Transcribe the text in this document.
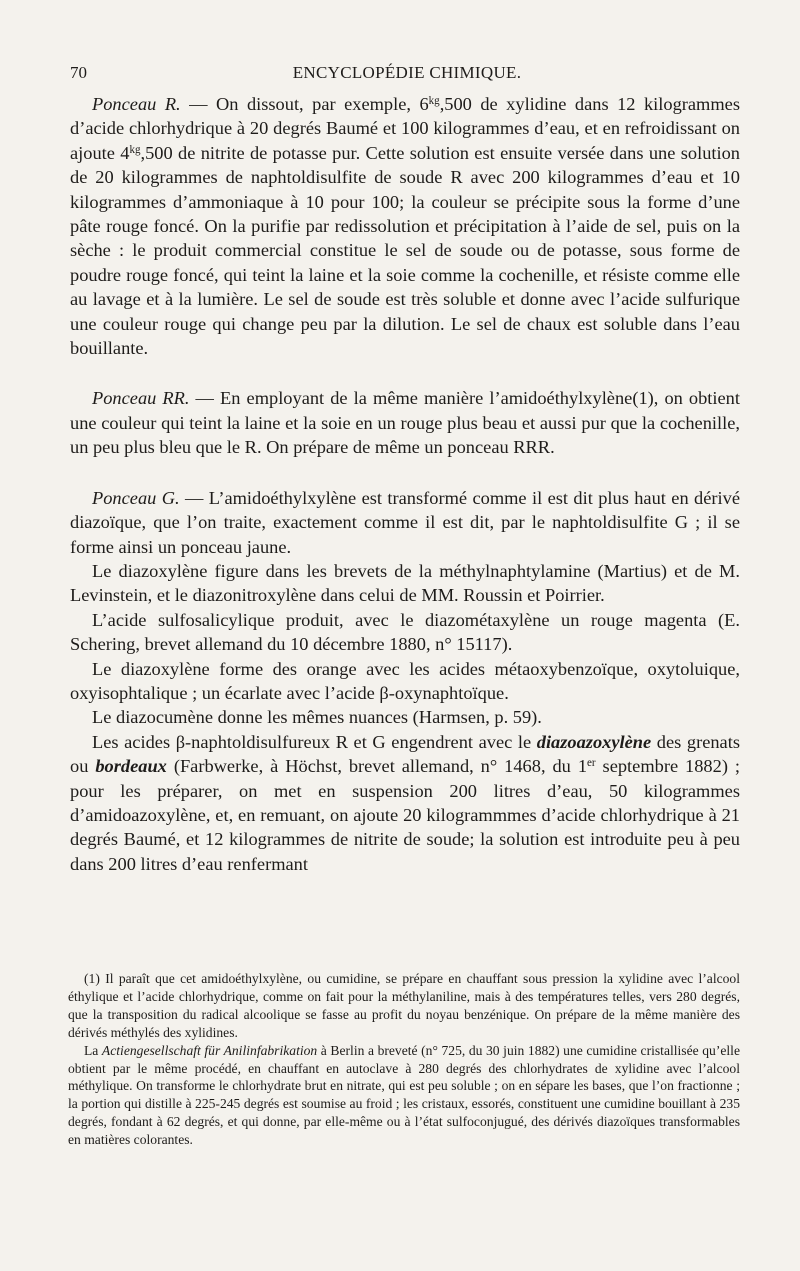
70	ENCYCLOPÉDIE CHIMIQUE.

Ponceau R. — On dissout, par exemple, $6^{kg},500$ de xylidine dans 12 kilogrammes d’acide chlorhydrique à 20 degrés Baumé et 100 kilogrammes d’eau, et en refroidissant on ajoute $4^{kg},500$ de nitrite de potasse pur. Cette solution est ensuite versée dans une solution de 20 kilogrammes de naphtoldisulfite de soude R avec 200 kilogrammes d’eau et 10 kilogrammes d’ammoniaque à 10 pour 100; la couleur se précipite sous la forme d’une pâte rouge foncé. On la purifie par redissolution et précipitation à l’aide de sel, puis on la sèche : le produit commercial constitue le sel de soude ou de potasse, sous forme de poudre rouge foncé, qui teint la laine et la soie comme la cochenille, et résiste comme elle au lavage et à la lumière. Le sel de soude est très soluble et donne avec l’acide sulfurique une couleur rouge qui change peu par la dilution. Le sel de chaux est soluble dans l’eau bouillante.

Ponceau RR. — En employant de la même manière l’amidoéthylxylène(1), on obtient une couleur qui teint la laine et la soie en un rouge plus beau et aussi pur que la cochenille, un peu plus bleu que le R. On prépare de même un ponceau RRR.

Ponceau G. — L’amidoéthylxylène est transformé comme il est dit plus haut en dérivé diazoïque, que l’on traite, exactement comme il est dit, par le naphtoldisulfite G ; il se forme ainsi un ponceau jaune.

Le diazoxylène figure dans les brevets de la méthylnaphtylamine (Martius) et de M. Levinstein, et le diazonitroxylène dans celui de MM. Roussin et Poirrier.

L’acide sulfosalicylique produit, avec le diazométaxylène un rouge magenta (E. Schering, brevet allemand du 10 décembre 1880, n° 15117).

Le diazoxylène forme des orange avec les acides métaoxybenzoïque, oxytoluique, oxyisophtalique ; un écarlate avec l’acide β-oxynaphtoïque.

Le diazocumène donne les mêmes nuances (Harmsen, p. 59).

Les acides β-naphtoldisulfureux R et G engendrent avec le diazoazoxylène des grenats ou bordeaux (Farbwerke, à Höchst, brevet allemand, n° 1468, du 1er septembre 1882) ; pour les préparer, on met en suspension 200 litres d’eau, 50 kilogrammes d’amidoazoxylène, et, en remuant, on ajoute 20 kilogrammmes d’acide chlorhydrique à 21 degrés Baumé, et 12 kilogrammes de nitrite de soude; la solution est introduite peu à peu dans 200 litres d’eau renfermant

(1) Il paraît que cet amidoéthylxylène, ou cumidine, se prépare en chauffant sous pression la xylidine avec l’alcool éthylique et l’acide chlorhydrique, comme on fait pour la méthylaniline, mais à des températures telles, vers 280 degrés, que la transposition du radical alcoolique se fasse au profit du noyau benzénique. On prépare de la même manière des dérivés méthylés des xylidines.

La Actiengesellschaft für Anilinfabrikation à Berlin a breveté (n° 725, du 30 juin 1882) une cumidine cristallisée qu’elle obtient par le même procédé, en chauffant en autoclave à 280 degrés des chlorhydrates de xylidine avec l’alcool méthylique. On transforme le chlorhydrate brut en nitrate, qui est peu soluble ; on en sépare les bases, que l’on fractionne ; la portion qui distille à 225-245 degrés est soumise au froid ; les cristaux, essorés, constituent une cumidine bouillant à 235 degrés, fondant à 62 degrés, et qui donne, par elle-même ou à l’état sulfoconjugué, des dérivés diazoïques transformables en matières colorantes.
